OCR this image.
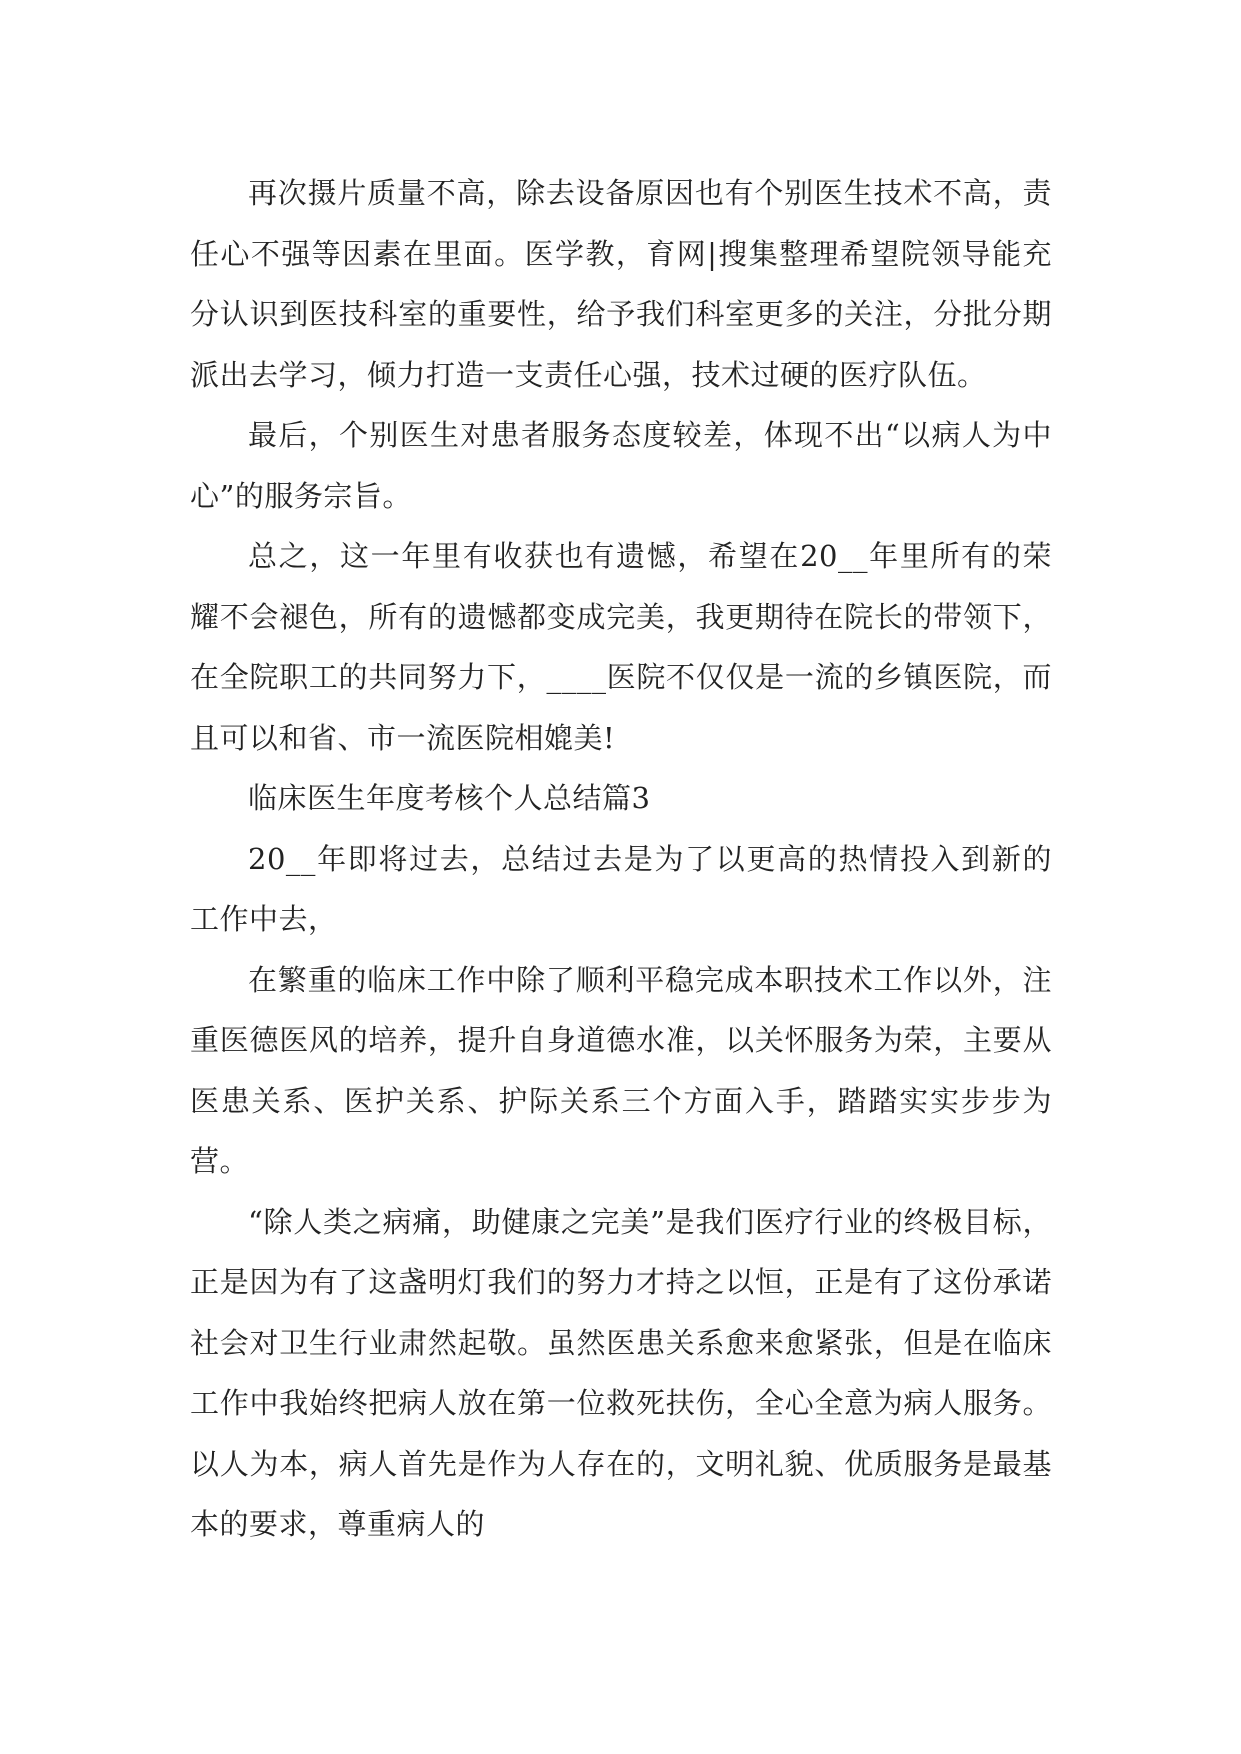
再次摄片质量不高，除去设备原因也有个别医生技术不高，责任心不强等因素在里面。医学教，育网|搜集整理希望院领导能充分认识到医技科室的重要性，给予我们科室更多的关注，分批分期派出去学习，倾力打造一支责任心强，技术过硬的医疗队伍。

最后，个别医生对患者服务态度较差，体现不出“以病人为中心”的服务宗旨。

总之，这一年里有收获也有遗憾，希望在20__年里所有的荣耀不会褪色，所有的遗憾都变成完美，我更期待在院长的带领下，在全院职工的共同努力下，____医院不仅仅是一流的乡镇医院，而且可以和省、市一流医院相媲美!

临床医生年度考核个人总结篇3

20__年即将过去，总结过去是为了以更高的热情投入到新的工作中去，

在繁重的临床工作中除了顺利平稳完成本职技术工作以外，注重医德医风的培养，提升自身道德水准，以关怀服务为荣，主要从医患关系、医护关系、护际关系三个方面入手，踏踏实实步步为营。

“除人类之病痛，助健康之完美”是我们医疗行业的终极目标，正是因为有了这盏明灯我们的努力才持之以恒，正是有了这份承诺社会对卫生行业肃然起敬。虽然医患关系愈来愈紧张，但是在临床工作中我始终把病人放在第一位救死扶伤，全心全意为病人服务。以人为本，病人首先是作为人存在的，文明礼貌、优质服务是最基本的要求，尊重病人的
